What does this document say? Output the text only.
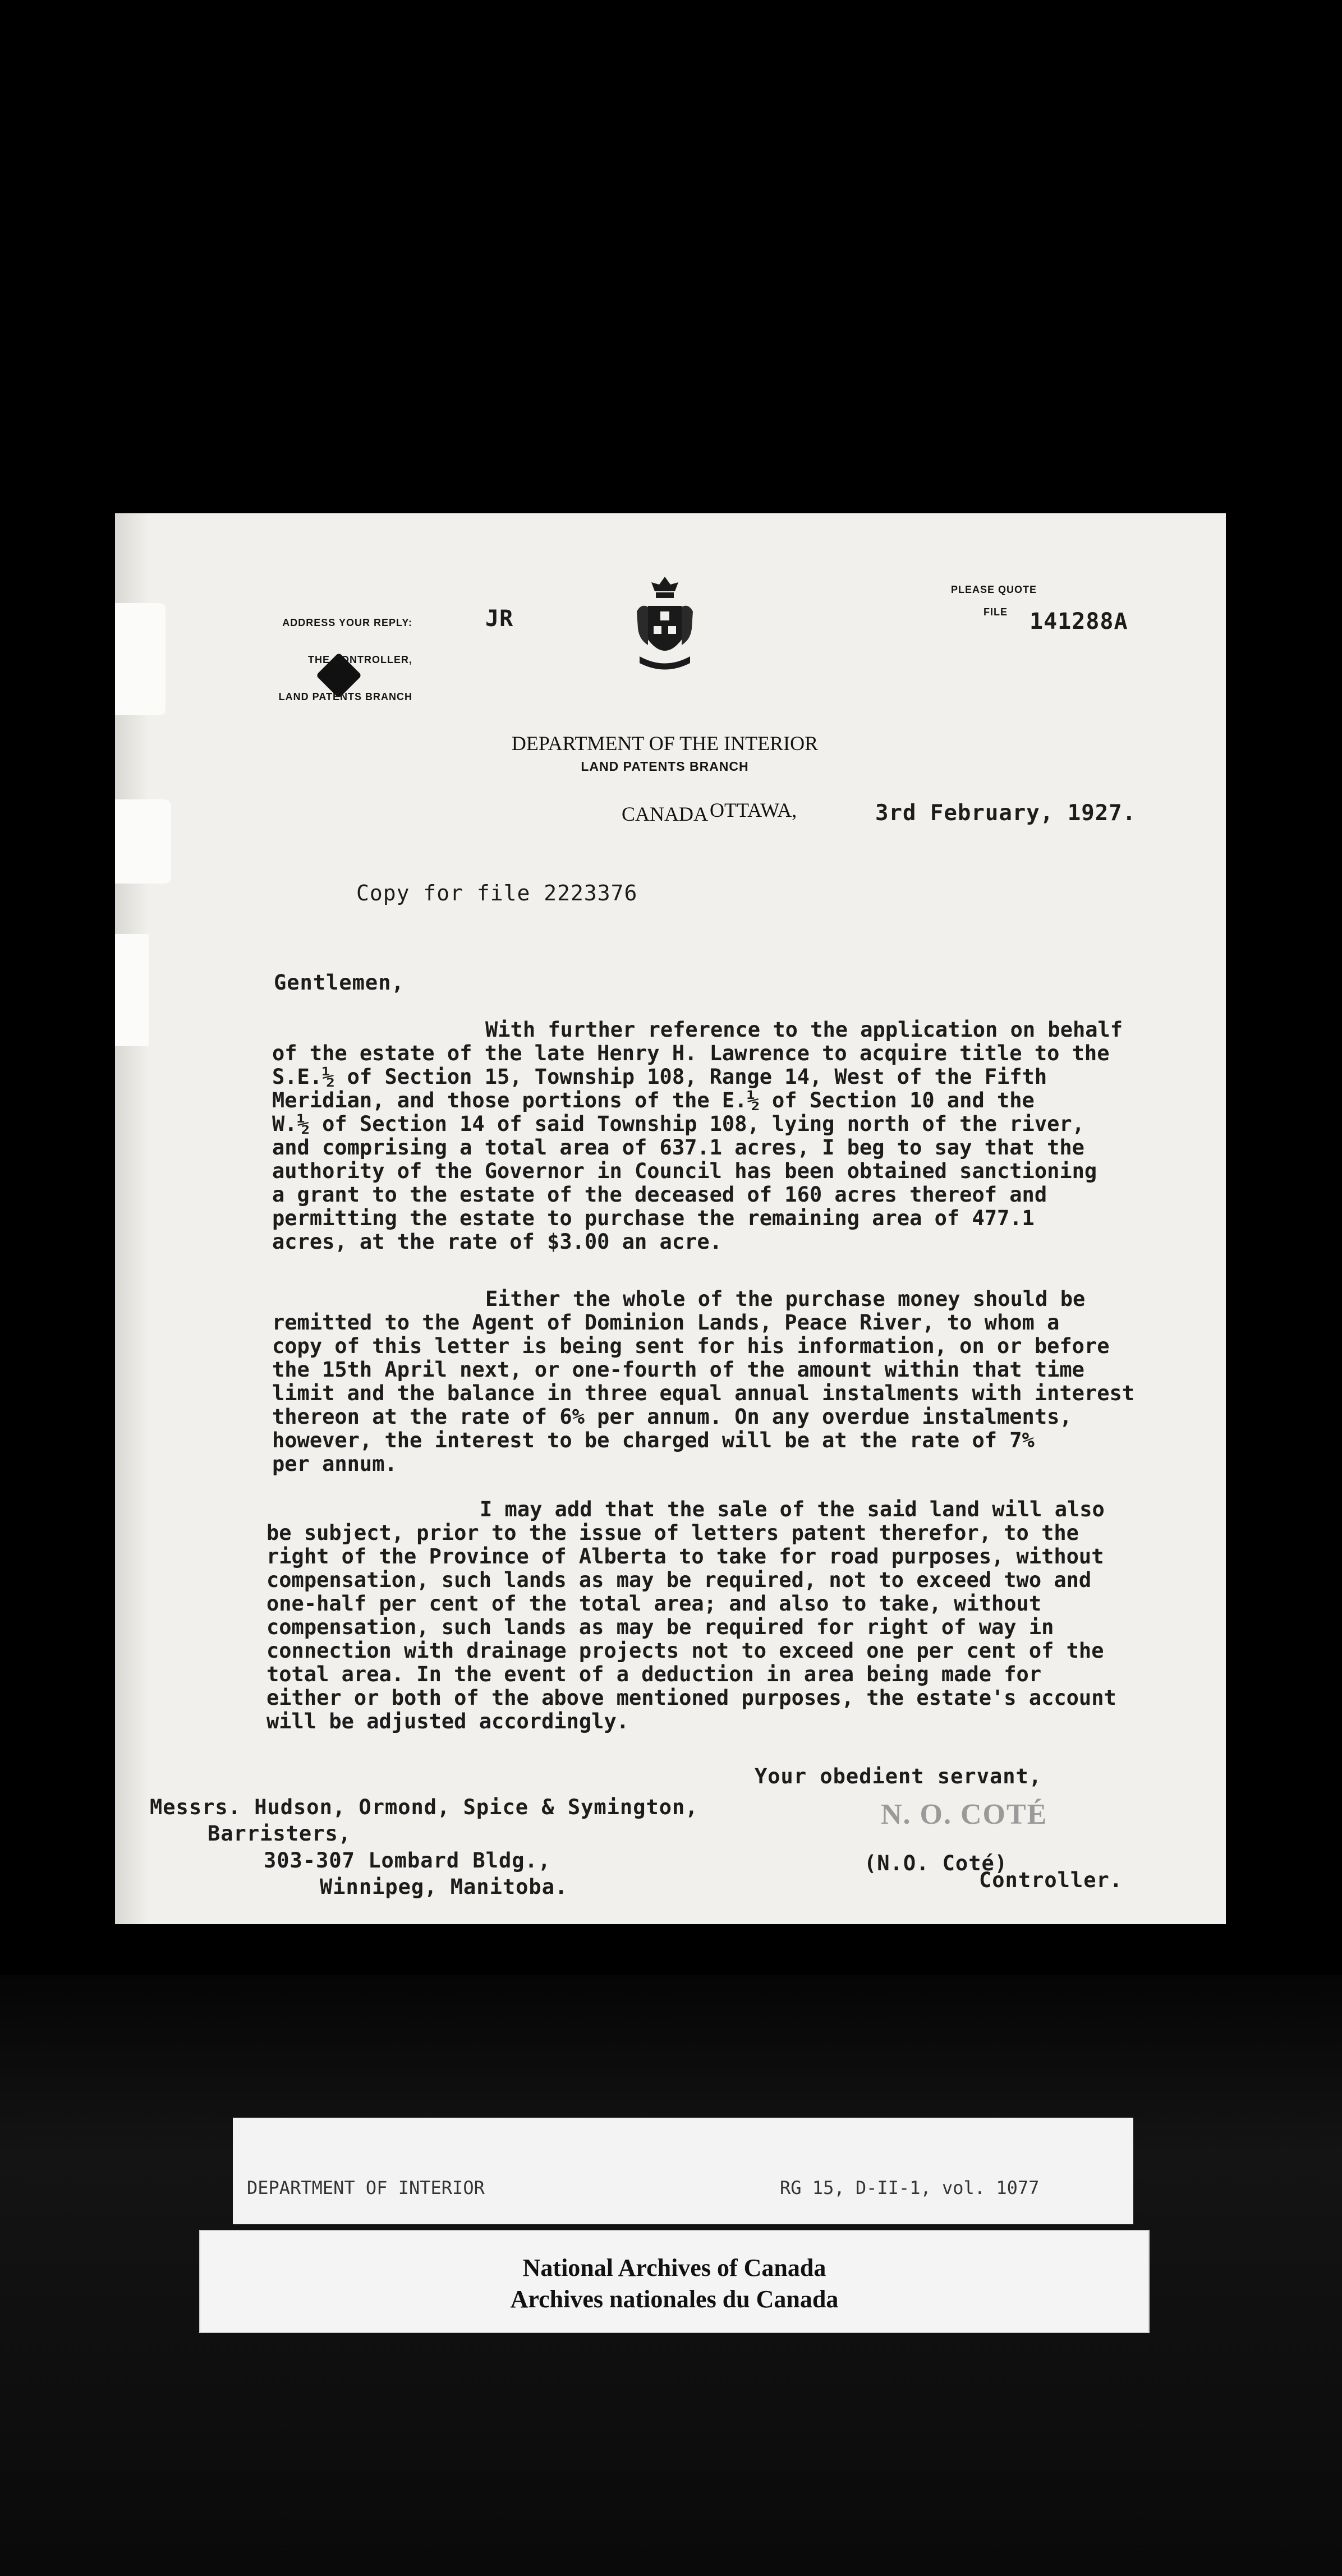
ADDRESS YOUR REPLY:

THE CONTROLLER,

LAND PATENTS BRANCH

JR
PLEASE QUOTE
FILE 141288A

DEPARTMENT OF THE INTERIOR

CANADA

LAND PATENTS BRANCH
OTTAWA,	3rd February, 1927.
Copy for file 2223376
Gentlemen,
With further reference to the application on behalf
of the estate of the late Henry H. Lawrence to acquire title to the
S.E.½ of Section 15, Township 108, Range 14, West of the Fifth
Meridian, and those portions of the E.½ of Section 10 and the
W.½ of Section 14 of said Township 108, lying north of the river,
and comprising a total area of 637.1 acres, I beg to say that the
authority of the Governor in Council has been obtained sanctioning
a grant to the estate of the deceased of 160 acres thereof and
permitting the estate to purchase the remaining area of 477.1
acres, at the rate of $3.00 an acre.
Either the whole of the purchase money should be
remitted to the Agent of Dominion Lands, Peace River, to whom a
copy of this letter is being sent for his information, on or before
the 15th April next, or one-fourth of the amount within that time
limit and the balance in three equal annual instalments with interest
thereon at the rate of 6% per annum. On any overdue instalments,
however, the interest to be charged will be at the rate of 7%
per annum.
I may add that the sale of the said land will also
be subject, prior to the issue of letters patent therefor, to the
right of the Province of Alberta to take for road purposes, without
compensation, such lands as may be required, not to exceed two and
one-half per cent of the total area; and also to take, without
compensation, such lands as may be required for right of way in
connection with drainage projects not to exceed one per cent of the
total area. In the event of a deduction in area being made for
either or both of the above mentioned purposes, the estate's account
will be adjusted accordingly.
Your obedient servant,
N. O. COTÉ
(N.O. Coté)
Controller.
Messrs. Hudson, Ormond, Spice & Symington,
Barristers,
303-307 Lombard Bldg.,
Winnipeg, Manitoba.

DEPARTMENT OF INTERIOR

	RG 15, D-II-1, vol. 1077

National Archives of Canada
Archives nationales du Canada
